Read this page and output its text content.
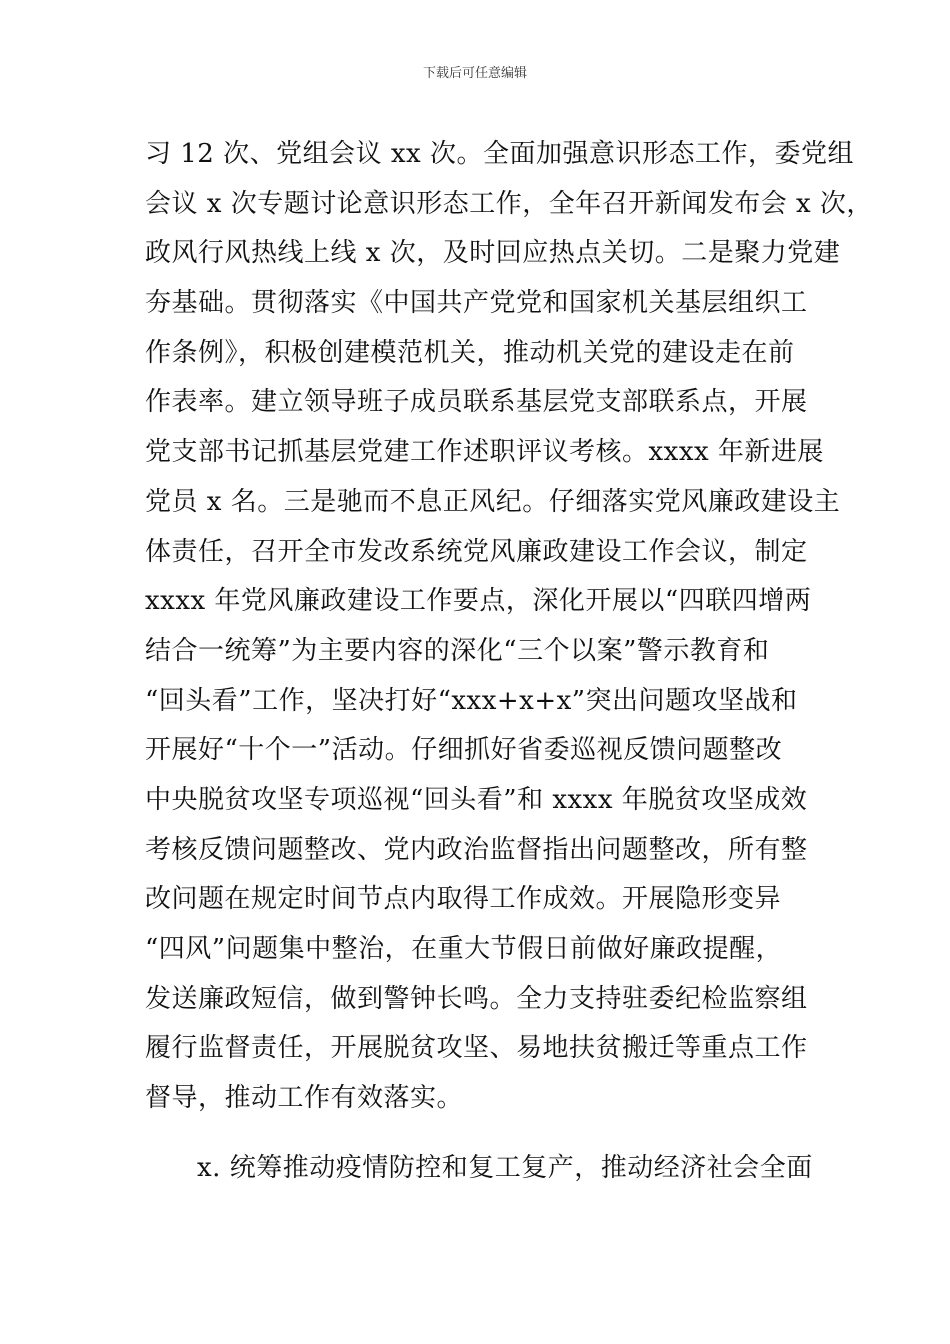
下载后可任意编辑
习 12 次、党组会议 xx 次。全面加强意识形态工作，委党组
会议 x 次专题讨论意识形态工作，全年召开新闻发布会 x 次，
政风行风热线上线 x 次，及时回应热点关切。二是聚力党建
夯基础。贯彻落实《中国共产党党和国家机关基层组织工
作条例》，积极创建模范机关，推动机关党的建设走在前
作表率。建立领导班子成员联系基层党支部联系点，开展
党支部书记抓基层党建工作述职评议考核。xxxx 年新进展
党员 x 名。三是驰而不息正风纪。仔细落实党风廉政建设主
体责任，召开全市发改系统党风廉政建设工作会议，制定
xxxx 年党风廉政建设工作要点，深化开展以“四联四增两
结合一统筹”为主要内容的深化“三个以案”警示教育和
“回头看”工作，坚决打好“xxx+x+x”突出问题攻坚战和
开展好“十个一”活动。仔细抓好省委巡视反馈问题整改
中央脱贫攻坚专项巡视“回头看”和 xxxx 年脱贫攻坚成效
考核反馈问题整改、党内政治监督指出问题整改，所有整
改问题在规定时间节点内取得工作成效。开展隐形变异
“四风”问题集中整治，在重大节假日前做好廉政提醒，
发送廉政短信，做到警钟长鸣。全力支持驻委纪检监察组
履行监督责任，开展脱贫攻坚、易地扶贫搬迁等重点工作
督导，推动工作有效落实。
x. 统筹推动疫情防控和复工复产，推动经济社会全面
